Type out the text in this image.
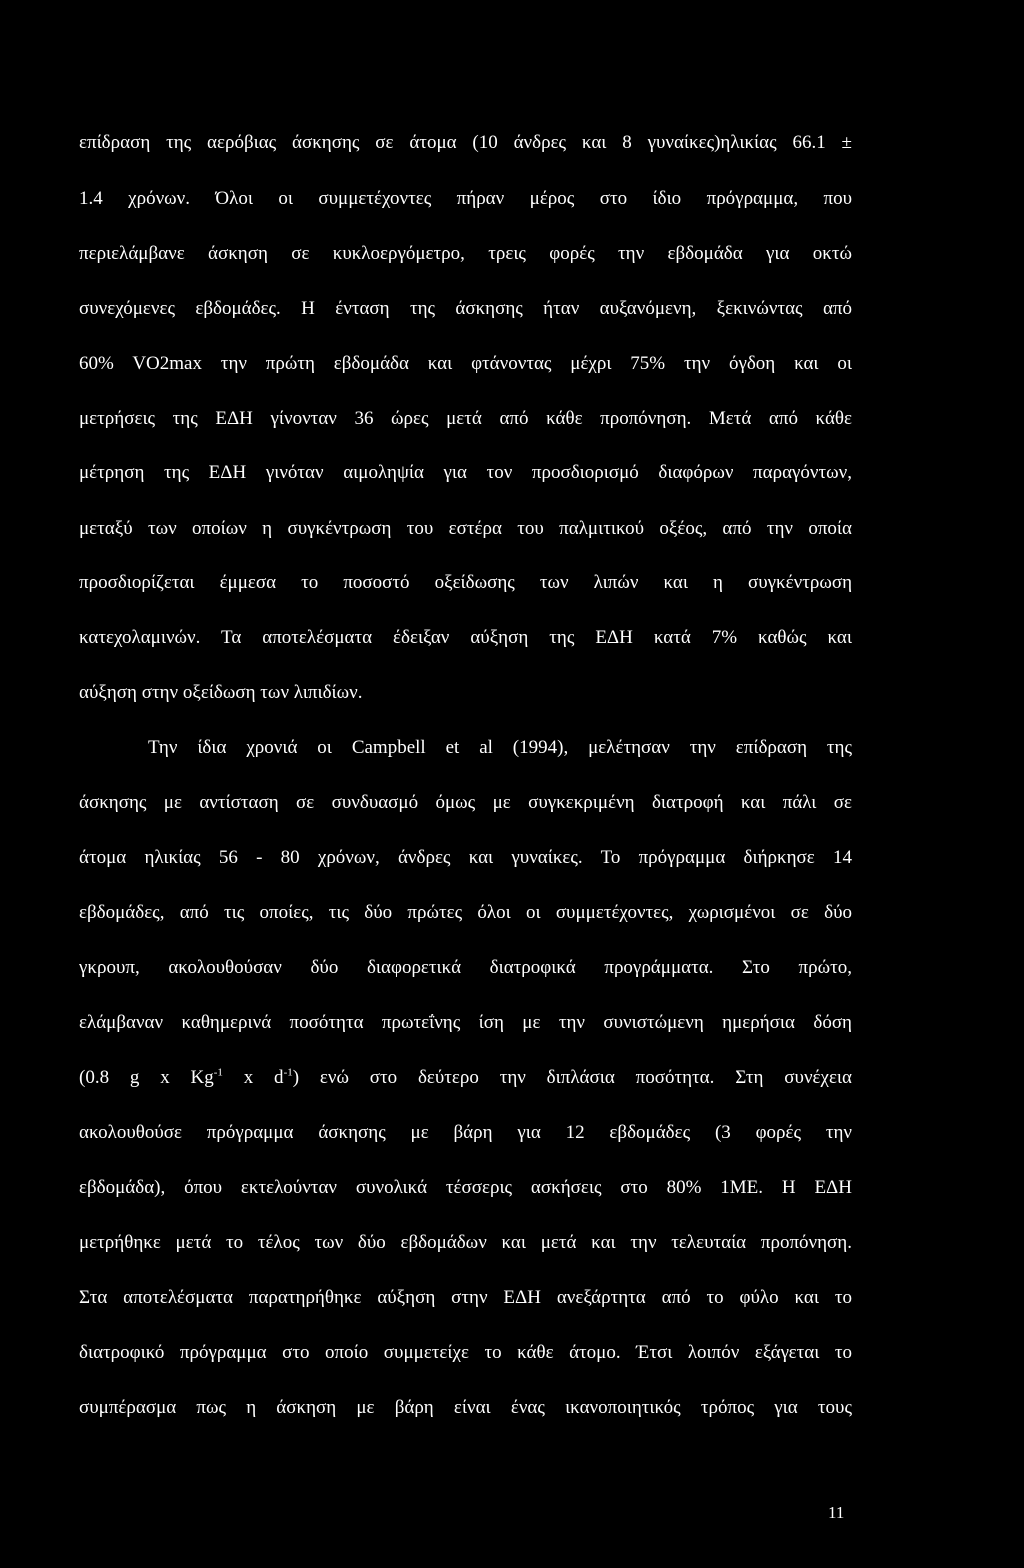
επίδραση της αερόβιας άσκησης σε άτομα (10 άνδρες και 8 γυναίκες)ηλικίας 66.1 ±

1.4 χρόνων. Όλοι οι συμμετέχοντες πήραν μέρος στο ίδιο πρόγραμμα, που

περιελάμβανε άσκηση σε κυκλοεργόμετρο, τρεις φορές την εβδομάδα για οκτώ

συνεχόμενες εβδομάδες. Η ένταση της άσκησης ήταν αυξανόμενη, ξεκινώντας από

60% VO2max την πρώτη εβδομάδα και φτάνοντας μέχρι 75% την όγδοη και οι

μετρήσεις της ΕΔΗ γίνονταν 36 ώρες μετά από κάθε προπόνηση. Μετά από κάθε

μέτρηση της ΕΔΗ γινόταν αιμοληψία για τον προσδιορισμό διαφόρων παραγόντων,

μεταξύ των οποίων η συγκέντρωση του εστέρα του παλμιτικού οξέος, από την οποία

προσδιορίζεται έμμεσα το ποσοστό οξείδωσης των λιπών και η συγκέντρωση

κατεχολαμινών. Τα αποτελέσματα έδειξαν αύξηση της ΕΔΗ κατά 7% καθώς και

αύξηση στην οξείδωση των λιπιδίων.

Την ίδια χρονιά οι Campbell et al (1994), μελέτησαν την επίδραση της

άσκησης με αντίσταση σε συνδυασμό όμως με συγκεκριμένη διατροφή και πάλι σε

άτομα ηλικίας 56 - 80 χρόνων, άνδρες και γυναίκες. Το πρόγραμμα διήρκησε 14

εβδομάδες, από τις οποίες, τις δύο πρώτες όλοι οι συμμετέχοντες, χωρισμένοι σε δύο

γκρουπ, ακολουθούσαν δύο διαφορετικά διατροφικά προγράμματα. Στο πρώτο,

ελάμβαναν καθημερινά ποσότητα πρωτεΐνης ίση με την συνιστώμενη ημερήσια δόση

(0.8 g x $Kg^{-1}$ x $d^{-1}$) ενώ στο δεύτερο την διπλάσια ποσότητα. Στη συνέχεια

ακολουθούσε πρόγραμμα άσκησης με βάρη για 12 εβδομάδες (3 φορές την

εβδομάδα), όπου εκτελούνταν συνολικά τέσσερις ασκήσεις στο 80% 1ΜΕ. Η ΕΔΗ

μετρήθηκε μετά το τέλος των δύο εβδομάδων και μετά και την τελευταία προπόνηση.

Στα αποτελέσματα παρατηρήθηκε αύξηση στην ΕΔΗ ανεξάρτητα από το φύλο και το

διατροφικό πρόγραμμα στο οποίο συμμετείχε το κάθε άτομο. Έτσι λοιπόν εξάγεται το

συμπέρασμα πως η άσκηση με βάρη είναι ένας ικανοποιητικός τρόπος για τους

11
